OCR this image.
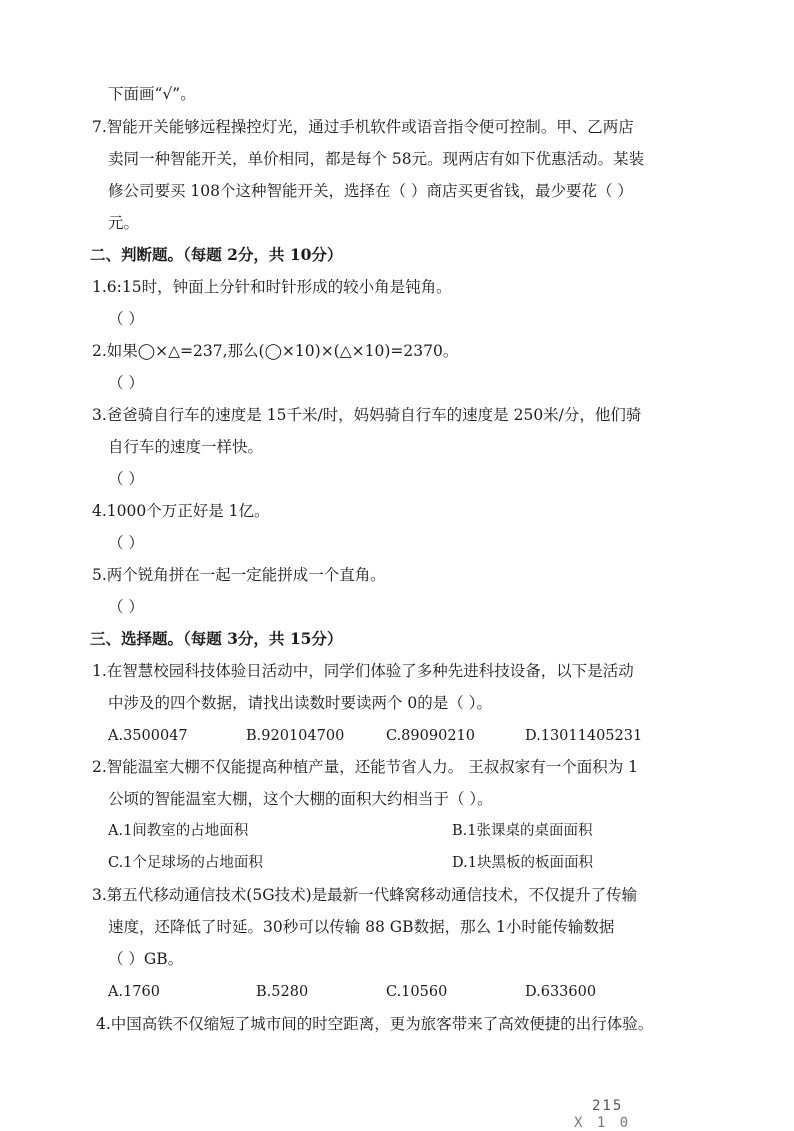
下面画“√”。
7.智能开关能够远程操控灯光，通过手机软件或语音指令便可控制。甲、乙两店
卖同一种智能开关，单价相同，都是每个 58元。现两店有如下优惠活动。某装
修公司要买 108个这种智能开关，选择在（ ）商店买更省钱，最少要花（ ）
元。
二、判断题。（每题 2分，共 10分）
1.6:15时，钟面上分针和时针形成的较小角是钝角。
（ ）
2.如果◯×△=237,那么(◯×10)×(△×10)=2370。
（ ）
3.爸爸骑自行车的速度是 15千米/时，妈妈骑自行车的速度是 250米/分，他们骑
自行车的速度一样快。
（ ）
4.1000个万正好是 1亿。
（ ）
5.两个锐角拼在一起一定能拼成一个直角。
（ ）
三、选择题。（每题 3分，共 15分）
1.在智慧校园科技体验日活动中，同学们体验了多种先进科技设备，以下是活动
中涉及的四个数据，请找出读数时要读两个 0的是（ ）。
A.3500047	B.920104700	C.89090210	D.13011405231
2.智能温室大棚不仅能提高种植产量，还能节省人力。 王叔叔家有一个面积为 1
公顷的智能温室大棚，这个大棚的面积大约相当于（ ）。
A.1间教室的占地面积	B.1张课桌的桌面面积
C.1个足球场的占地面积	D.1块黑板的板面面积
3.第五代移动通信技术(5G技术)是最新一代蜂窝移动通信技术，不仅提升了传输
速度，还降低了时延。30秒可以传输 88 GB数据，那么 1小时能传输数据
（ ）GB。
A.1760	B.5280	C.10560	D.633600
4.中国高铁不仅缩短了城市间的时空距离，更为旅客带来了高效便捷的出行体验。
215
X 1 0
